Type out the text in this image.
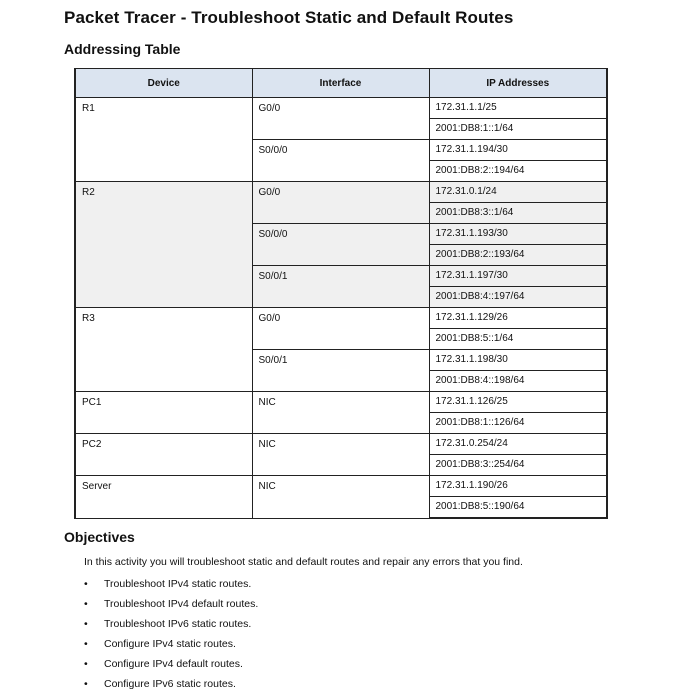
Packet Tracer - Troubleshoot Static and Default Routes
Addressing Table
Device	Interface	IP Addresses
R1	G0/0	172.31.1.1/25
		2001:DB8:1::1/64
	S0/0/0	172.31.1.194/30
		2001:DB8:2::194/64
R2	G0/0	172.31.0.1/24
		2001:DB8:3::1/64
	S0/0/0	172.31.1.193/30
		2001:DB8:2::193/64
	S0/0/1	172.31.1.197/30
		2001:DB8:4::197/64
R3	G0/0	172.31.1.129/26
		2001:DB8:5::1/64
	S0/0/1	172.31.1.198/30
		2001:DB8:4::198/64
PC1	NIC	172.31.1.126/25
		2001:DB8:1::126/64
PC2	NIC	172.31.0.254/24
		2001:DB8:3::254/64
Server	NIC	172.31.1.190/26
		2001:DB8:5::190/64
Objectives
In this activity you will troubleshoot static and default routes and repair any errors that you find.
•	Troubleshoot IPv4 static routes.
•	Troubleshoot IPv4 default routes.
•	Troubleshoot IPv6 static routes.
•	Configure IPv4 static routes.
•	Configure IPv4 default routes.
•	Configure IPv6 static routes.
